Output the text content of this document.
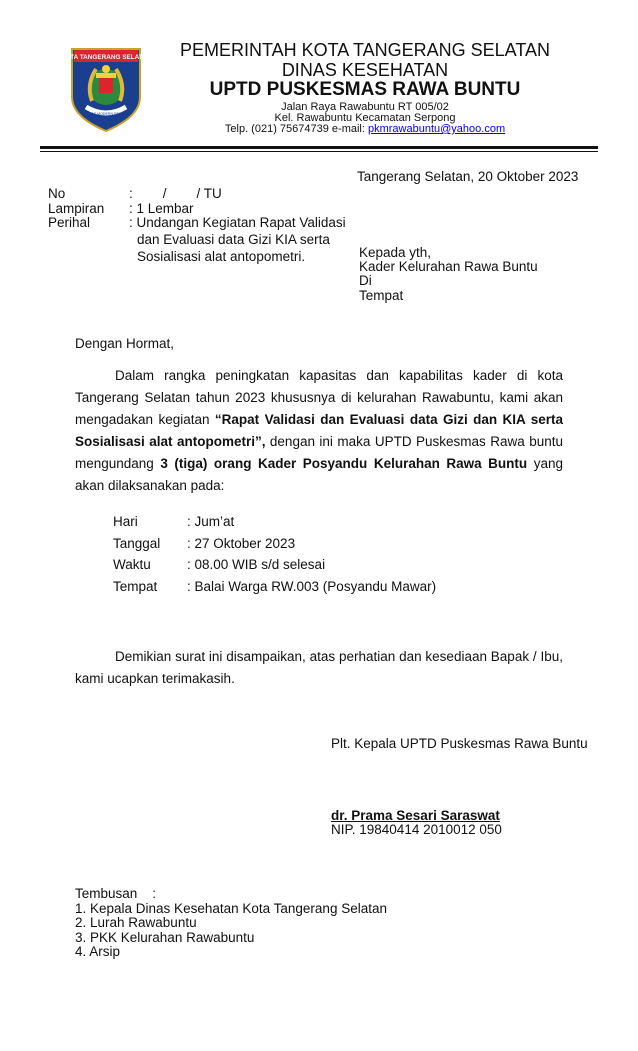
KOTA TANGERANG SELATAN
CERDAS MODERN RELIGIUS
PEMERINTAH KOTA TANGERANG SELATAN
DINAS KESEHATAN
UPTD PUSKESMAS RAWA BUNTU
Jalan Raya Rawabuntu RT 005/02
Kel. Rawabuntu Kecamatan Serpong
Telp. (021) 75674739 e-mail: pkmrawabuntu@yahoo.com
Tangerang Selatan, 20 Oktober 2023
No	:        /        / TU
Lampiran : 1 Lembar
Perihal	: Undangan Kegiatan Rapat Validasi
dan Evaluasi data Gizi KIA serta
Sosialisasi alat antopometri.	Kepada yth,
Kader Kelurahan Rawa Buntu
Di
Tempat
Dengan Hormat,
Dalam rangka peningkatan kapasitas dan kapabilitas kader di kota Tangerang Selatan tahun 2023 khususnya di kelurahan Rawabuntu, kami akan mengadakan kegiatan “Rapat Validasi dan Evaluasi data Gizi dan KIA serta Sosialisasi alat antopometri”, dengan ini maka UPTD Puskesmas Rawa buntu mengundang 3 (tiga) orang Kader Posyandu Kelurahan Rawa Buntu yang akan dilaksanakan pada:
Hari	: Jum’at
Tanggal : 27 Oktober 2023
Waktu	: 08.00 WIB s/d selesai
Tempat : Balai Warga RW.003 (Posyandu Mawar)
Demikian surat ini disampaikan, atas perhatian dan kesediaan Bapak / Ibu, kami ucapkan terimakasih.
Plt. Kepala UPTD Puskesmas Rawa Buntu
dr. Prama Sesari Saraswat
NIP. 19840414 2010012 050
Tembusan    :
1. Kepala Dinas Kesehatan Kota Tangerang Selatan
2. Lurah Rawabuntu
3. PKK Kelurahan Rawabuntu
4. Arsip
